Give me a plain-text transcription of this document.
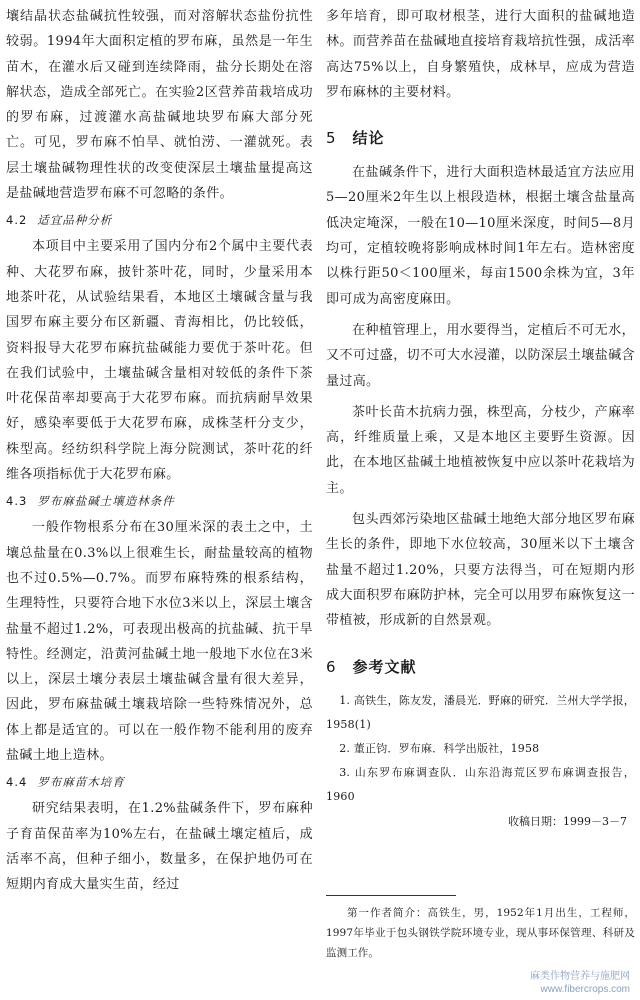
壤结晶状态盐碱抗性较强，而对溶解状态盐份抗性较弱。1994年大面积定植的罗布麻，虽然是一年生苗木，在灌水后又碰到连续降雨，盐分长期处在溶解状态，造成全部死亡。在实验2区营养苗栽培成功的罗布麻，过渡灌水高盐碱地块罗布麻大部分死亡。可见，罗布麻不怕旱、就怕涝、一灌就死。表层土壤盐碱物理性状的改变使深层土壤盐量提高这是盐碱地营造罗布麻不可忽略的条件。

4.2 适宜品种分析

本项目中主要采用了国内分布2个属中主要代表种、大花罗布麻，披针茶叶花，同时，少量采用本地茶叶花，从试验结果看，本地区土壤碱含量与我国罗布麻主要分布区新疆、青海相比，仍比较低，资料报导大花罗布麻抗盐碱能力要优于茶叶花。但在我们试验中，土壤盐碱含量相对较低的条件下茶叶花保苗率却要高于大花罗布麻。而抗病耐旱效果好，感染率要低于大花罗布麻，成株茎杆分支少，株型高。经纺织科学院上海分院测试，茶叶花的纤维各项指标优于大花罗布麻。

4.3 罗布麻盐碱土壤造林条件

一般作物根系分布在30厘米深的表土之中，土壤总盐量在0.3%以上很难生长，耐盐量较高的植物也不过0.5%—0.7%。而罗布麻特殊的根系结构，生理特性，只要符合地下水位3米以上，深层土壤含盐量不超过1.2%，可表现出极高的抗盐碱、抗干旱特性。经测定，沿黄河盐碱土地一般地下水位在3米以上，深层土壤分表层土壤盐碱含量有很大差异，因此，罗布麻盐碱土壤栽培除一些特殊情况外，总体上都是适宜的。可以在一般作物不能利用的废弃盐碱土地上造林。

4.4 罗布麻苗木培育

研究结果表明，在1.2%盐碱条件下，罗布麻种子育苗保苗率为10%左右，在盐碱土壤定植后，成活率不高，但种子细小，数量多，在保护地仍可在短期内育成大量实生苗，经过

多年培育，即可取材根茎，进行大面积的盐碱地造林。而营养苗在盐碱地直接培育栽培抗性强，成活率高达75%以上，自身繁殖快，成林早，应成为营造罗布麻林的主要材料。

5 结论

在盐碱条件下，进行大面积造林最适宜方法应用5—20厘米2年生以上根段造林，根据土壤含盐量高低决定埯深，一般在10—10厘米深度，时间5—8月均可，定植较晚将影响成林时间1年左右。造林密度以株行距50＜100厘米，每亩1500余株为宜，3年即可成为高密度麻田。

在种植管理上，用水要得当，定植后不可无水，又不可过盛，切不可大水浸灌，以防深层土壤盐碱含量过高。

茶叶长苗木抗病力强，株型高，分枝少，产麻率高，纤维质量上乘，又是本地区主要野生资源。因此，在本地区盐碱土地植被恢复中应以茶叶花栽培为主。

包头西郊污染地区盐碱土地绝大部分地区罗布麻生长的条件，即地下水位较高，30厘米以下土壤含盐量不超过1.20%，只要方法得当，可在短期内形成大面积罗布麻防护林，完全可以用罗布麻恢复这一带植被，形成新的自然景观。

6 参考文献
1. 高铁生，陈友发，潘晨光．野麻的研究．兰州大学学报，1958(1)
2. 董正钧．罗布麻．科学出版社，1958
3. 山东罗布麻调查队．山东沿海荒区罗布麻调查报告，1960

收稿日期：1999－3－7

第一作者简介：高铁生，男，1952年1月出生，工程师，1997年毕业于包头钢铁学院环境专业，现从事环保管理、科研及监测工作。

麻类作物营养与施肥网
www.fibercrops.com
